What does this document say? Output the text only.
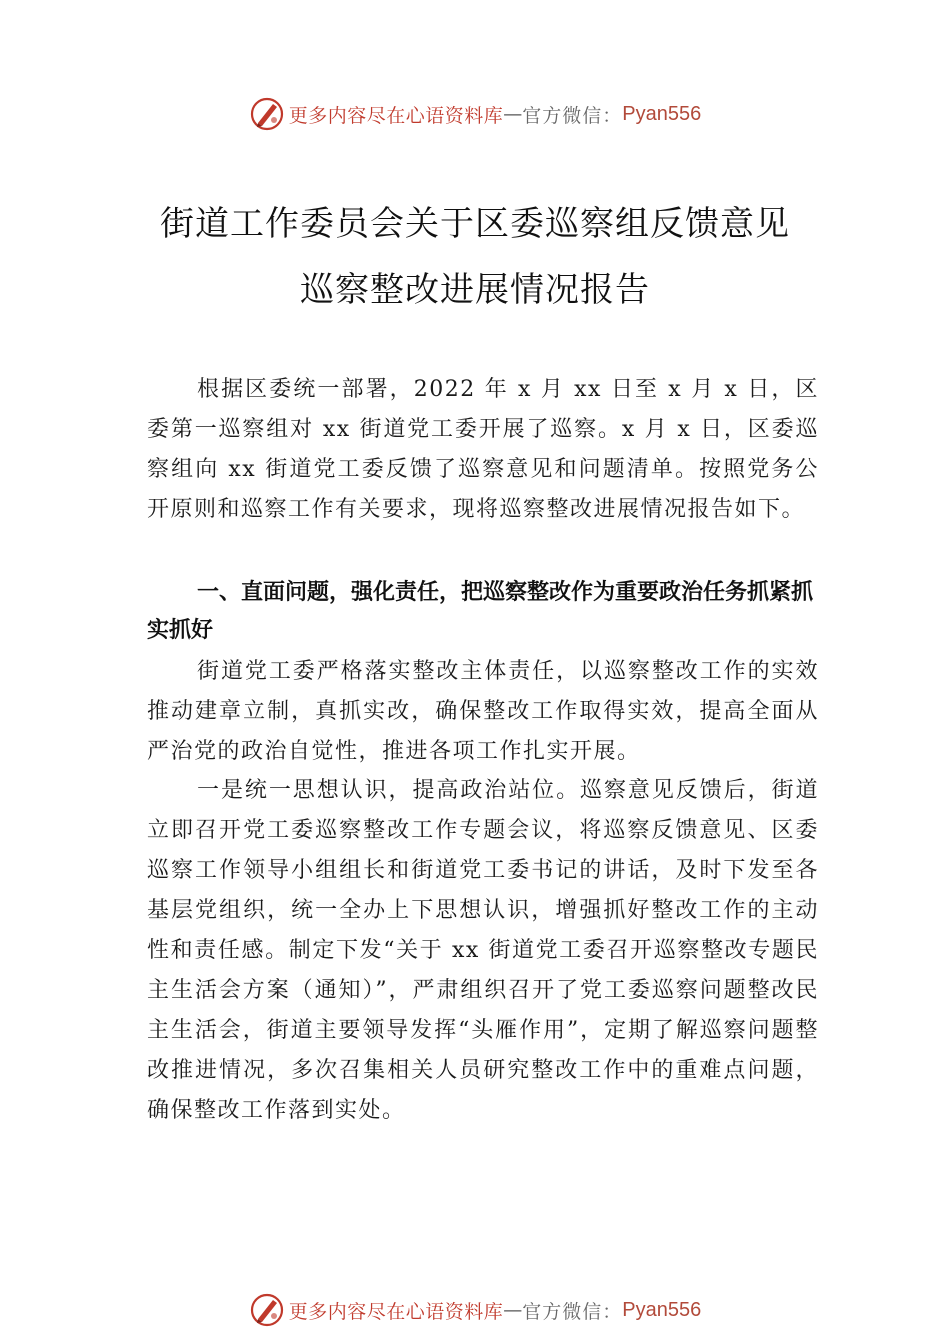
更多内容尽在心语资料库 — 官方微信： Pyan556
街道工作委员会关于区委巡察组反馈意见
巡察整改进展情况报告
根据区委统一部署，2022 年 x 月 xx 日至 x 月 x 日，区委第一巡察组对 xx 街道党工委开展了巡察。x 月 x 日，区委巡察组向 xx 街道党工委反馈了巡察意见和问题清单。按照党务公开原则和巡察工作有关要求，现将巡察整改进展情况报告如下。
一、直面问题，强化责任，把巡察整改作为重要政治任务抓紧抓实抓好
街道党工委严格落实整改主体责任，以巡察整改工作的实效推动建章立制，真抓实改，确保整改工作取得实效，提高全面从严治党的政治自觉性，推进各项工作扎实开展。
一是统一思想认识，提高政治站位。巡察意见反馈后，街道立即召开党工委巡察整改工作专题会议，将巡察反馈意见、区委巡察工作领导小组组长和街道党工委书记的讲话，及时下发至各基层党组织，统一全办上下思想认识，增强抓好整改工作的主动性和责任感。制定下发“关于 xx 街道党工委召开巡察整改专题民主生活会方案（通知）”，严肃组织召开了党工委巡察问题整改民主生活会，街道主要领导发挥“头雁作用”，定期了解巡察问题整改推进情况，多次召集相关人员研究整改工作中的重难点问题，确保整改工作落到实处。
更多内容尽在心语资料库 — 官方微信： Pyan556
